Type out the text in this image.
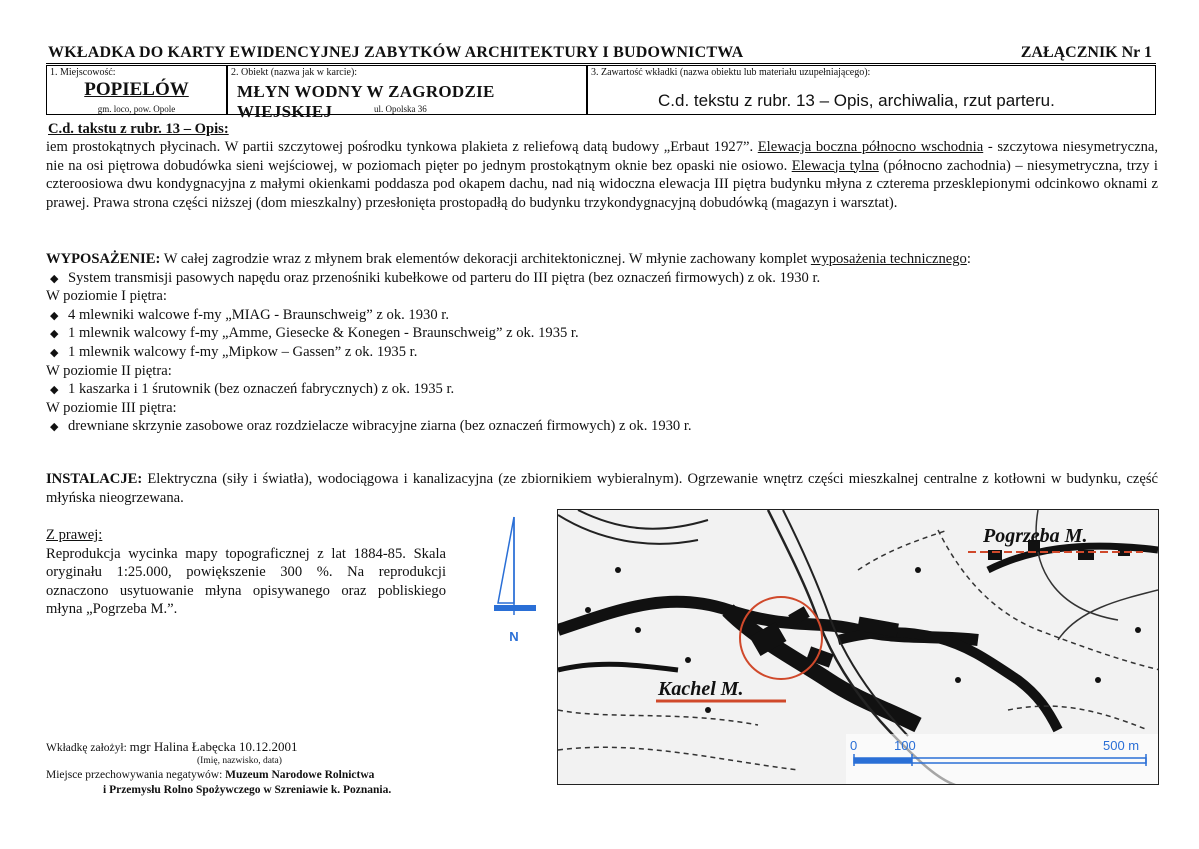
WKŁADKA DO KARTY EWIDENCYJNEJ ZABYTKÓW ARCHITEKTURY I BUDOWNICTWA	ZAŁĄCZNIK Nr 1
1. Miejscowość:
POPIELÓW
gm. loco, pow. Opole
2. Obiekt (nazwa jak w karcie):
MŁYN WODNY W ZAGRODZIE WIEJSKIEJ	ul. Opolska 36
3. Zawartość wkładki (nazwa obiektu lub materiału uzupełniającego):
C.d. tekstu z rubr. 13 – Opis, archiwalia, rzut parteru.
C.d. takstu z rubr. 13 – Opis:
iem prostokątnych płycinach. W partii szczytowej pośrodku tynkowa plakieta z reliefową datą budowy „Erbaut 1927”. Elewacja boczna północno wschodnia - szczytowa niesymetryczna, nie na osi piętrowa dobudówka sieni wejściowej, w poziomach pięter po jednym prostokątnym oknie bez opaski nie osiowo. Elewacja tylna (północno zachodnia) – niesymetryczna, trzy i czteroosiowa dwu kondygnacyjna z małymi okienkami poddasza pod okapem dachu, nad nią widoczna elewacja III piętra budynku młyna z czterema przesklepionymi odcinkowo oknami z prawej. Prawa strona części niższej (dom mieszkalny) przesłonięta prostopadłą do budynku trzykondygnacyjną dobudówką (magazyn i warsztat).
WYPOSAŻENIE: W całej zagrodzie wraz z młynem brak elementów dekoracji architektonicznej. W młynie zachowany komplet wyposażenia technicznego:
◆ System transmisji pasowych napędu oraz przenośniki kubełkowe od parteru do III piętra (bez oznaczeń firmowych) z ok. 1930 r.
W poziomie I piętra:
◆ 4 mlewniki walcowe f-my „MIAG - Braunschweig” z ok. 1930 r.
◆ 1 mlewnik walcowy f-my „Amme, Giesecke & Konegen - Braunschweig” z ok. 1935 r.
◆ 1 mlewnik walcowy f-my „Mipkow – Gassen” z ok. 1935 r.
W poziomie II piętra:
◆ 1 kaszarka i 1 śrutownik (bez oznaczeń fabrycznych) z ok. 1935 r.
W poziomie III piętra:
◆ drewniane skrzynie zasobowe oraz rozdzielacze wibracyjne ziarna (bez oznaczeń firmowych) z ok. 1930 r.
INSTALACJE: Elektryczna (siły i światła), wodociągowa i kanalizacyjna (ze zbiornikiem wybieralnym). Ogrzewanie wnętrz części mieszkalnej centralne z kotłowni w budynku, część młyńska nieogrzewana.
Z prawej:
Reprodukcja wycinka mapy topograficznej z lat 1884-85. Skala oryginału 1:25.000, powiększenie 300 %. Na reprodukcji oznaczono usytuowanie młyna opisywanego oraz pobliskiego młyna „Pogrzeba M.”.
Wkładkę założył: mgr Halina Łabęcka 10.12.2001
(Imię, nazwisko, data)
Miejsce przechowywania negatywów: Muzeum Narodowe Rolnictwa
i Przemysłu Rolno Spożywczego w Szreniawie k. Poznania.
N
Kachel M.
Pogrzeba M.
0	100	500 m
